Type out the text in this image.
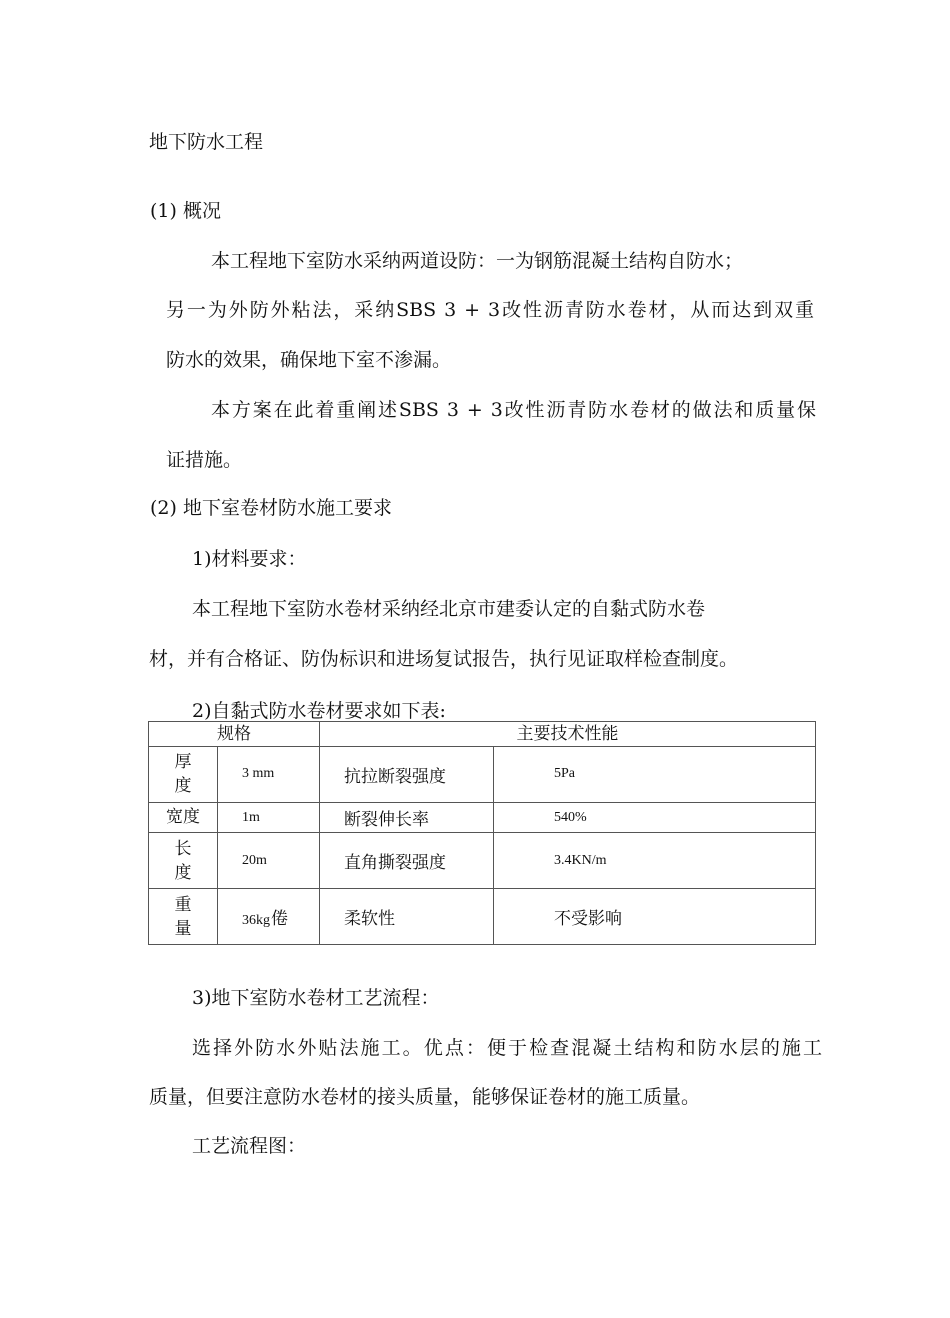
地下防水工程
(1) 概况
本工程地下室防水采纳两道设防：一为钢筋混凝土结构自防水；
另一为外防外粘法，采纳SBS 3 + 3改性沥青防水卷材，从而达到双重
防水的效果，确保地下室不渗漏。
本方案在此着重阐述SBS 3 + 3改性沥青防水卷材的做法和质量保
证措施。
(2) 地下室卷材防水施工要求
1)材料要求：
本工程地下室防水卷材采纳经北京市建委认定的自黏式防水卷
材，并有合格证、防伪标识和进场复试报告，执行见证取样检查制度。
2)自黏式防水卷材要求如下表:
规格		主要技术性能	

厚度	3 mm	抗拉断裂强度	5Pa

宽度	1m	断裂伸长率	540%

长度	20m	直角撕裂强度	3.4KN/m

重量	36kg倦	柔软性	不受影响
3)地下室防水卷材工艺流程：
选择外防水外贴法施工。优点：便于检查混凝土结构和防水层的施工
质量，但要注意防水卷材的接头质量，能够保证卷材的施工质量。
工艺流程图：
